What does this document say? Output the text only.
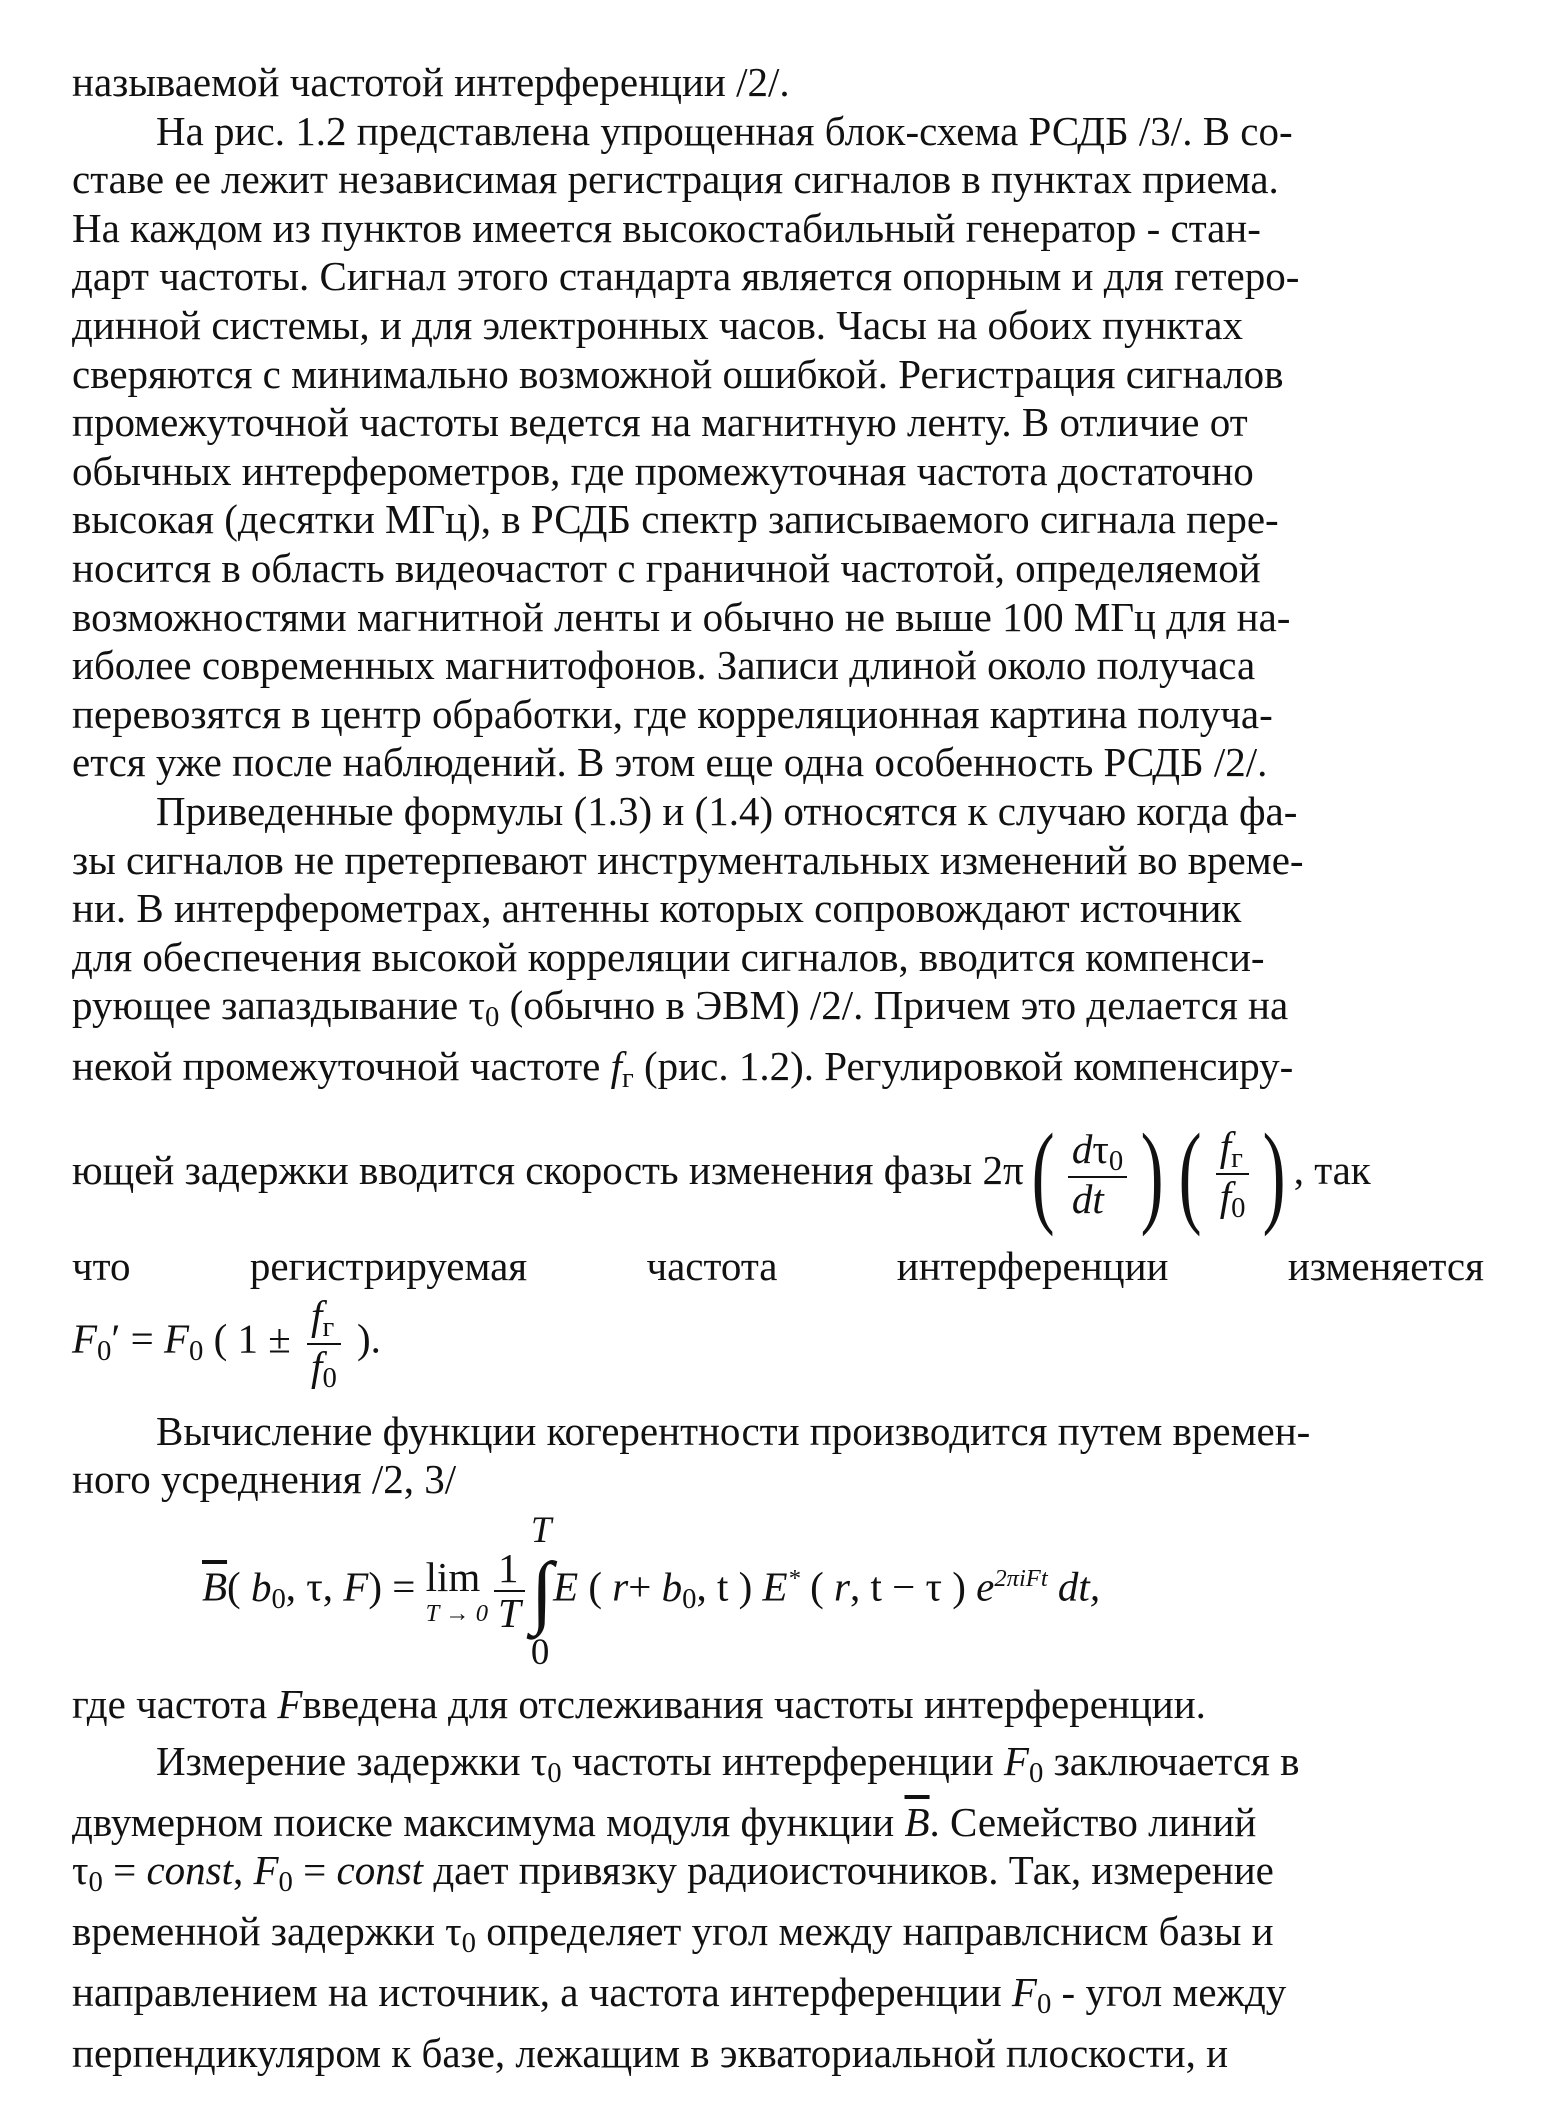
называемой частотой интерференции /2/.

На рис. 1.2 представлена упрощенная блок-схема РСДБ /3/. В со-
ставе ее лежит независимая регистрация сигналов в пунктах приема.
На каждом из пунктов имеется высокостабильный генератор - стан-
дарт частоты. Сигнал этого стандарта является опорным и для гетеро-
динной системы, и для электронных часов. Часы на обоих пунктах
сверяются с минимально возможной ошибкой. Регистрация сигналов
промежуточной частоты ведется на магнитную ленту. В отличие от
обычных интерферометров, где промежуточная частота достаточно
высокая (десятки МГц), в РСДБ спектр записываемого сигнала пере-
носится в область видеочастот с граничной частотой, определяемой
возможностями магнитной ленты и обычно не выше 100 МГц для на-
иболее современных магнитофонов. Записи длиной около получаса
перевозятся в центр обработки, где корреляционная картина получа-
ется уже после наблюдений. В этом еще одна особенность РСДБ /2/.

Приведенные формулы (1.3) и (1.4) относятся к случаю когда фа-
зы сигналов не претерпевают инструментальных изменений во време-
ни. В интерферометрах, антенны которых сопровождают источник
для обеспечения высокой корреляции сигналов, вводится компенси-
рующее запаздывание $\tau_0$ (обычно в ЭВМ) /2/. Причем это делается на
некой промежуточной частоте $f_г$ (рис. 1.2). Регулировкой компенсиру-
ющей задержки вводится скорость изменения фазы $2\pi( \frac{d\tau_0}{dt}$ ) ( $\frac{f_г}{f_0}$ ) , так
что	регистрируемая	частота	интерференции	изменяется
$F_0' = F_0$ ( $1 \pm \frac{f_г}{f_0}$ ).

Вычисление функции когерентности производится путем времен-
ного усреднения /2, 3/
$\overline{B}$( $b_0$, τ, F) = lim
$T \to 0 \frac{1}{T}$
T
∫
0
E ( $r+ b_0$, t ) E* ( r, t − τ ) $e^{2\pi iFt}$ dt,
где частота Fвведена для отслеживания частоты интерференции.

Измерение задержки $\tau_0$ частоты интерференции $F_0$ заключается в
двумерном поиске максимума модуля функции $\overline{B}$. Семейство линий
$\tau_0$ = const, $F_0$ = const дает привязку радиоисточников. Так, измерение
временной задержки $\tau_0$ определяет угол между направлснисм базы и
направлением на источник, а частота интерференции $F_0$ - угол между
перпендикуляром к базе, лежащим в экваториальной плоскости, и
